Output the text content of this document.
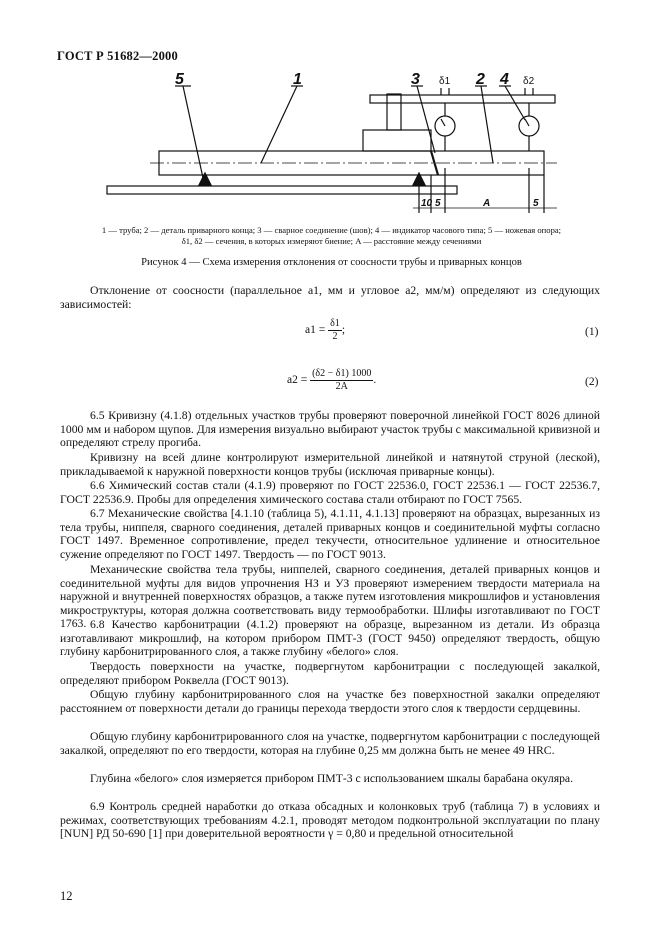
ГОСТ Р 51682—2000
5	1	3	2 4
δ1	δ2
10 5	A	5
1 — труба; 2 — деталь приварного конца; 3 — сварное соединение (шов); 4 — индикатор часового типа; 5 — ножевая опора;
δ1, δ2 — сечения, в которых измеряют биение; A — расстояние между сечениями
Рисунок 4 — Схема измерения отклонения от соосности трубы и приварных концов
Отклонение от соосности (параллельное a1, мм и угловое a2, мм/м) определяют из следующих зависимостей:
$a1 = \frac{\delta 1}{2}$ ;	(1)
$a2 = \frac{(\delta 2 - \delta 1) 1000}{2A}$ .	(2)
6.5 Кривизну (4.1.8) отдельных участков трубы проверяют поверочной линейкой ГОСТ 8026 длиной 1000 мм и набором щупов. Для измерения визуально выбирают участок трубы с максимальной кривизной и определяют стрелу прогиба.
Кривизну на всей длине контролируют измерительной линейкой и натянутой струной (леской), прикладываемой к наружной поверхности концов трубы (исключая приварные концы).
6.6 Химический состав стали (4.1.9) проверяют по ГОСТ 22536.0, ГОСТ 22536.1 — ГОСТ 22536.7, ГОСТ 22536.9. Пробы для определения химического состава стали отбирают по ГОСТ 7565.
6.7 Механические свойства [4.1.10 (таблица 5), 4.1.11, 4.1.13] проверяют на образцах, вырезанных из тела трубы, ниппеля, сварного соединения, деталей приварных концов и соединительной муфты согласно ГОСТ 1497. Временное сопротивление, предел текучести, относительное удлинение и относительное сужение определяют по ГОСТ 1497. Твердость — по ГОСТ 9013.
Механические свойства тела трубы, ниппелей, сварного соединения, деталей приварных концов и соединительной муфты для видов упрочнения НЗ и УЗ проверяют измерением твердости материала на наружной и внутренней поверхностях образцов, а также путем изготовления микрошлифов и установления микроструктуры, которая должна соответствовать виду термообработки. Шлифы изготавливают по ГОСТ 1763. 6.8 Качество карбонитрации (4.1.2) проверяют на образце, вырезанном из детали. Из образца изготавливают микрошлиф, на котором прибором ПМТ-3 (ГОСТ 9450) определяют твердость, общую глубину карбонитрированного слоя, а также глубину «белого» слоя.
Твердость поверхности на участке, подвергнутом карбонитрации с последующей закалкой, определяют прибором Роквелла (ГОСТ 9013).
Общую глубину карбонитрированного слоя на участке без поверхностной закалки определяют расстоянием от поверхности детали до границы перехода твердости этого слоя к твердости сердцевины.
Общую глубину карбонитрированного слоя на участке, подвергнутом карбонитрации с последующей закалкой, определяют по его твердости, которая на глубине 0,25 мм должна быть не менее 49 HRC.
Глубина «белого» слоя измеряется прибором ПМТ-3 с использованием шкалы барабана окуляра.
6.9 Контроль средней наработки до отказа обсадных и колонковых труб (таблица 7) в условиях и режимах, соответствующих требованиям 4.2.1, проводят методом подконтрольной эксплуатации по плану [NUN] РД 50-690 [1] при доверительной вероятности γ = 0,80 и предельной относительной
12
